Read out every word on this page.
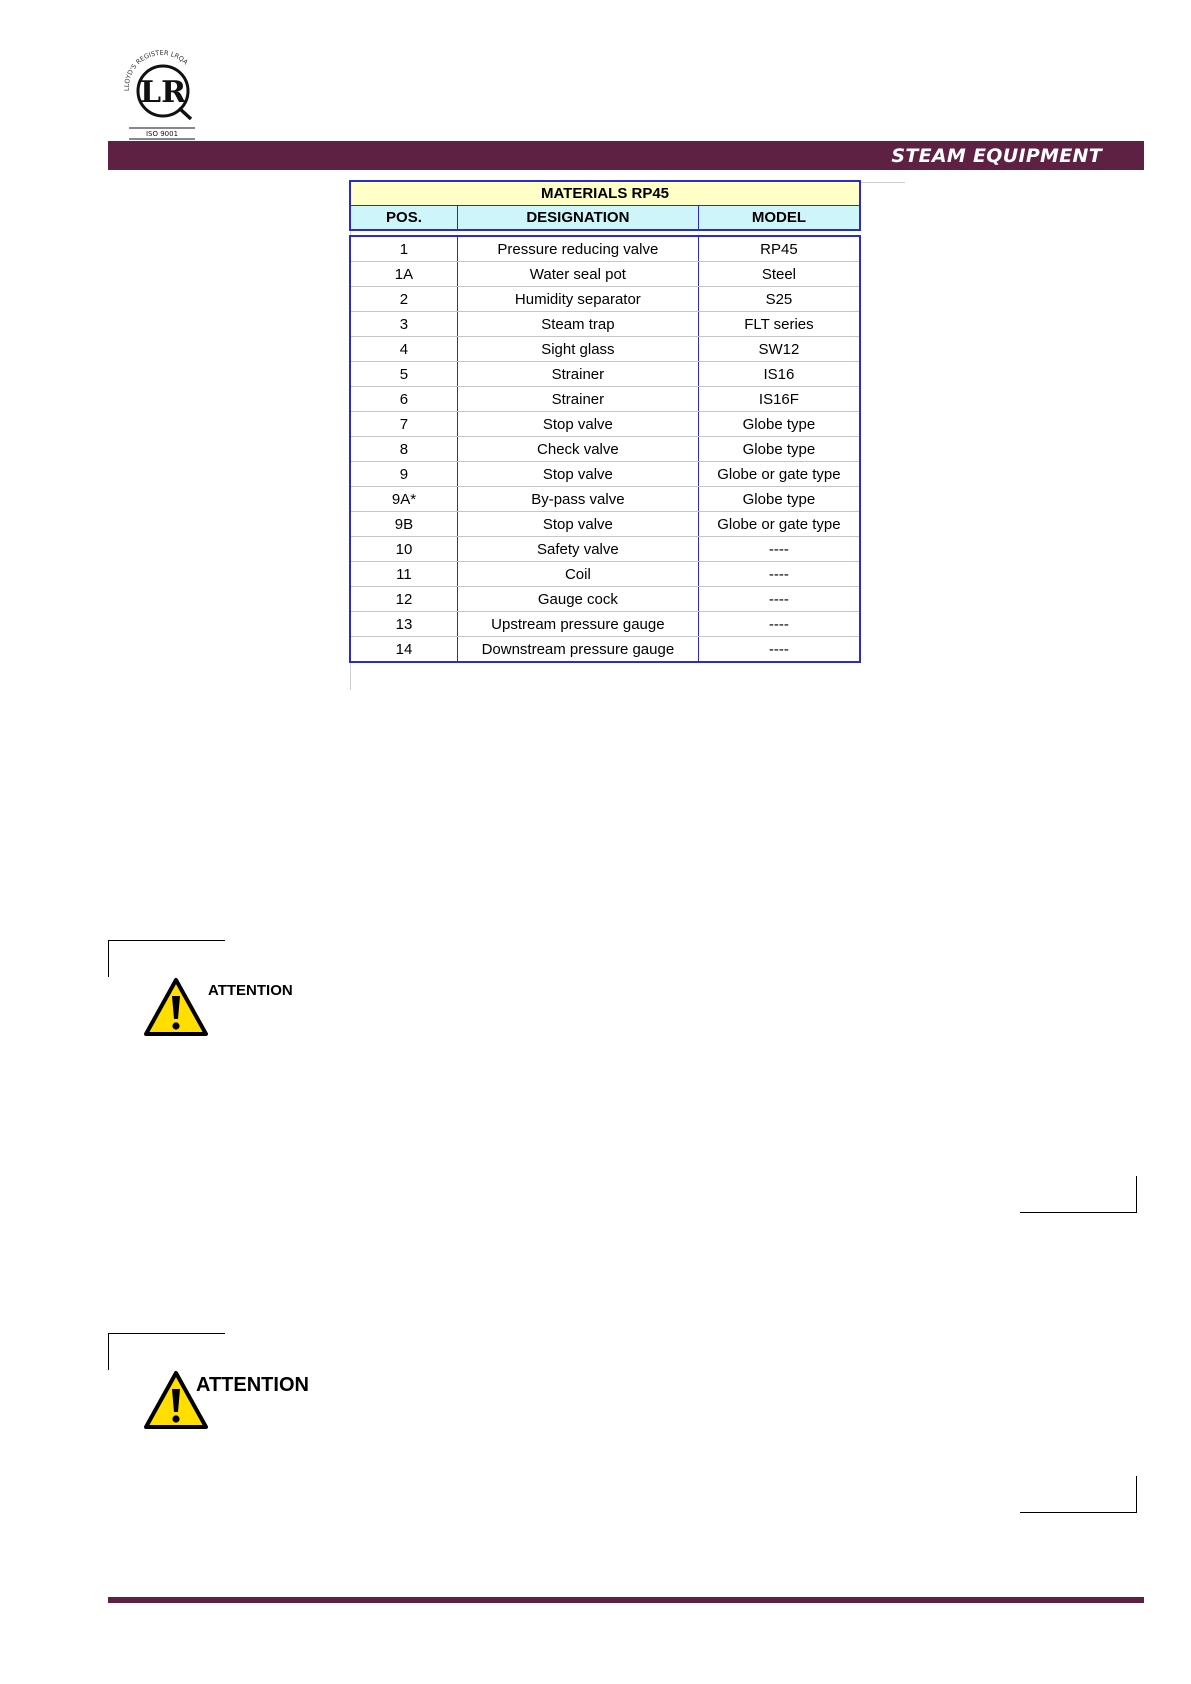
LLOYD'S REGISTER LRQA
LR
ISO 9001
STEAM EQUIPMENT
MATERIALS RP45
POS.	DESIGNATION	MODEL
1	Pressure reducing valve	RP45
1A	Water seal pot	Steel
2	Humidity separator	S25
3	Steam trap	FLT series
4	Sight glass	SW12
5	Strainer	IS16
6	Strainer	IS16F
7	Stop valve	Globe type
8	Check valve	Globe type
9	Stop valve	Globe or gate type
9A*	By-pass valve	Globe type
9B	Stop valve	Globe or gate type
10	Safety valve	----
11	Coil	----
12	Gauge cock	----
13	Upstream pressure gauge	----
14	Downstream pressure gauge	----
ATTENTION
ATTENTION
